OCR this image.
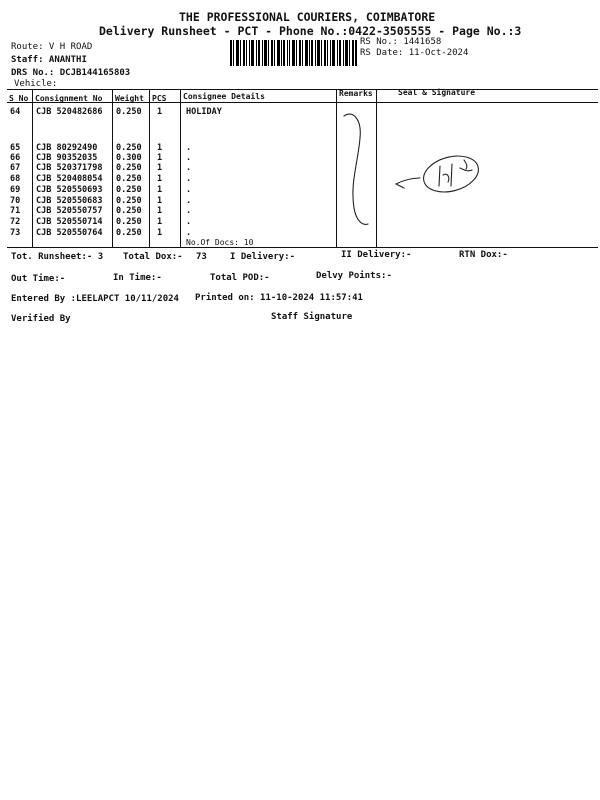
THE PROFESSIONAL COURIERS, COIMBATORE
Delivery Runsheet - PCT - Phone No.:0422-3505555 - Page No.:3
Route: V H ROAD
Staff: ANANTHI
DRS No.: DCJB144165803
Vehicle:
RS No.: 1441658
RS Date: 11-Oct-2024
S No Consignment No Weight PCS Consignee Details	Remarks	Seal & Signature
64 CJB 520482686 0.250 1	HOLIDAY
65 CJB 80292490 0.250 1	.
66 CJB 90352035 0.300 1	.
67 CJB 520371798 0.250 1	.
68 CJB 520408054 0.250 1	.
69 CJB 520550693 0.250 1	.
70 CJB 520550683 0.250 1	.
71 CJB 520550757 0.250 1	.
72 CJB 520550714 0.250 1	.
73 CJB 520550764 0.250 1	.
No.Of Docs: 10
Tot. Runsheet:- 3 Total Dox:- 73	I Delivery:-	II Delivery:-	RTN Dox:-
Out Time:-	In Time:-	Total POD:-	Delvy Points:-
Entered By :LEELAPCT 10/11/2024 Printed on: 11-10-2024 11:57:41
Verified By	Staff Signature
